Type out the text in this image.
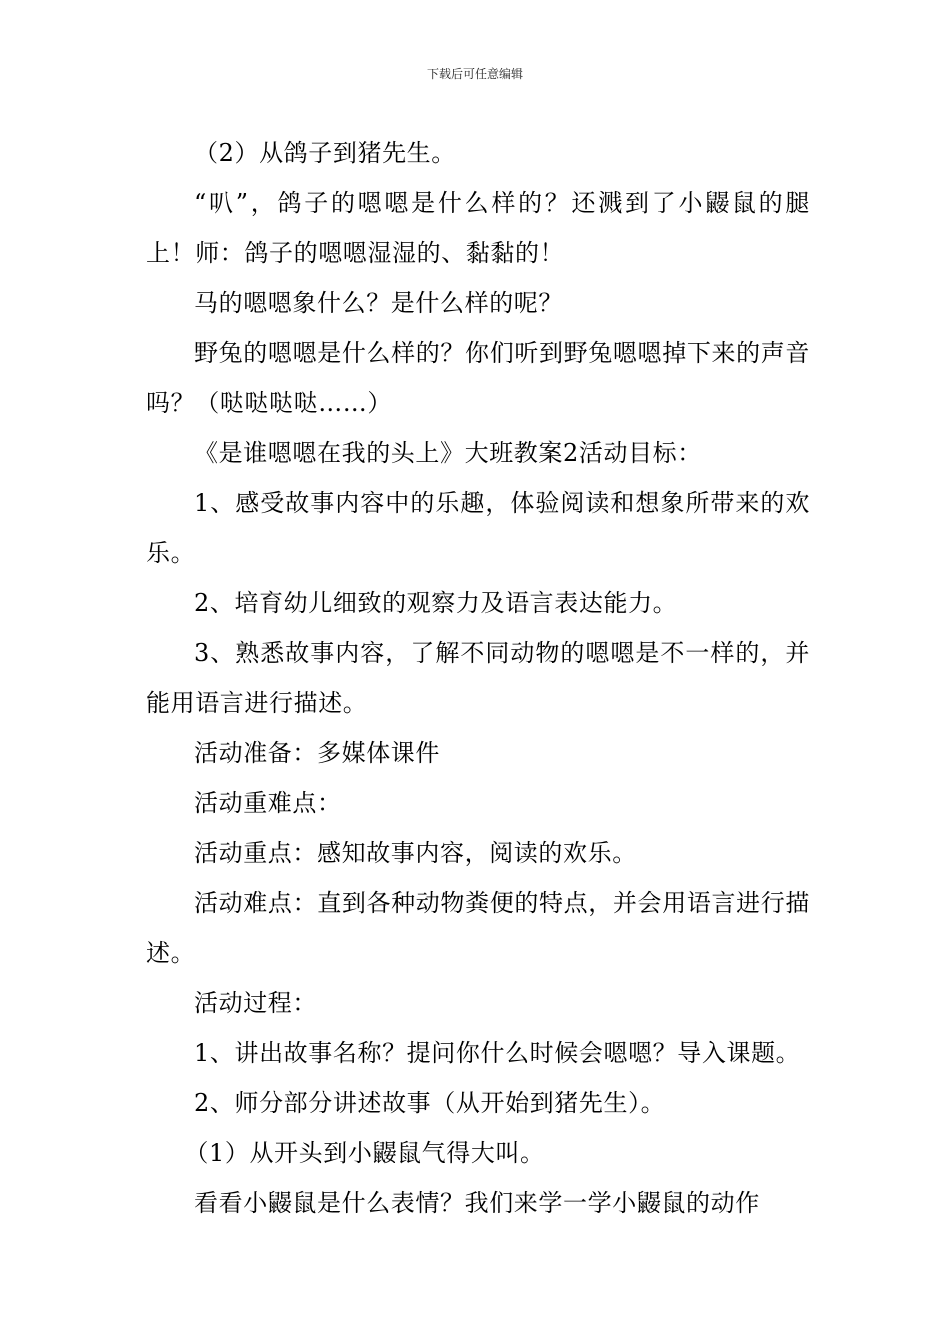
下载后可任意编辑

（2）从鸽子到猪先生。

“叭”，鸽子的嗯嗯是什么样的？还溅到了小鼹鼠的腿上！师：鸽子的嗯嗯湿湿的、黏黏的！

马的嗯嗯象什么？是什么样的呢？

野兔的嗯嗯是什么样的？你们听到野兔嗯嗯掉下来的声音吗？（哒哒哒哒……）

《是谁嗯嗯在我的头上》大班教案2活动目标：

1、感受故事内容中的乐趣，体验阅读和想象所带来的欢乐。

2、培育幼儿细致的观察力及语言表达能力。

3、熟悉故事内容，了解不同动物的嗯嗯是不一样的，并能用语言进行描述。

活动准备：多媒体课件

活动重难点：

活动重点：感知故事内容，阅读的欢乐。

活动难点：直到各种动物粪便的特点，并会用语言进行描述。

活动过程：

1、讲出故事名称？提问你什么时候会嗯嗯？导入课题。

2、师分部分讲述故事（从开始到猪先生）。

（1）从开头到小鼹鼠气得大叫。

看看小鼹鼠是什么表情？我们来学一学小鼹鼠的动作
